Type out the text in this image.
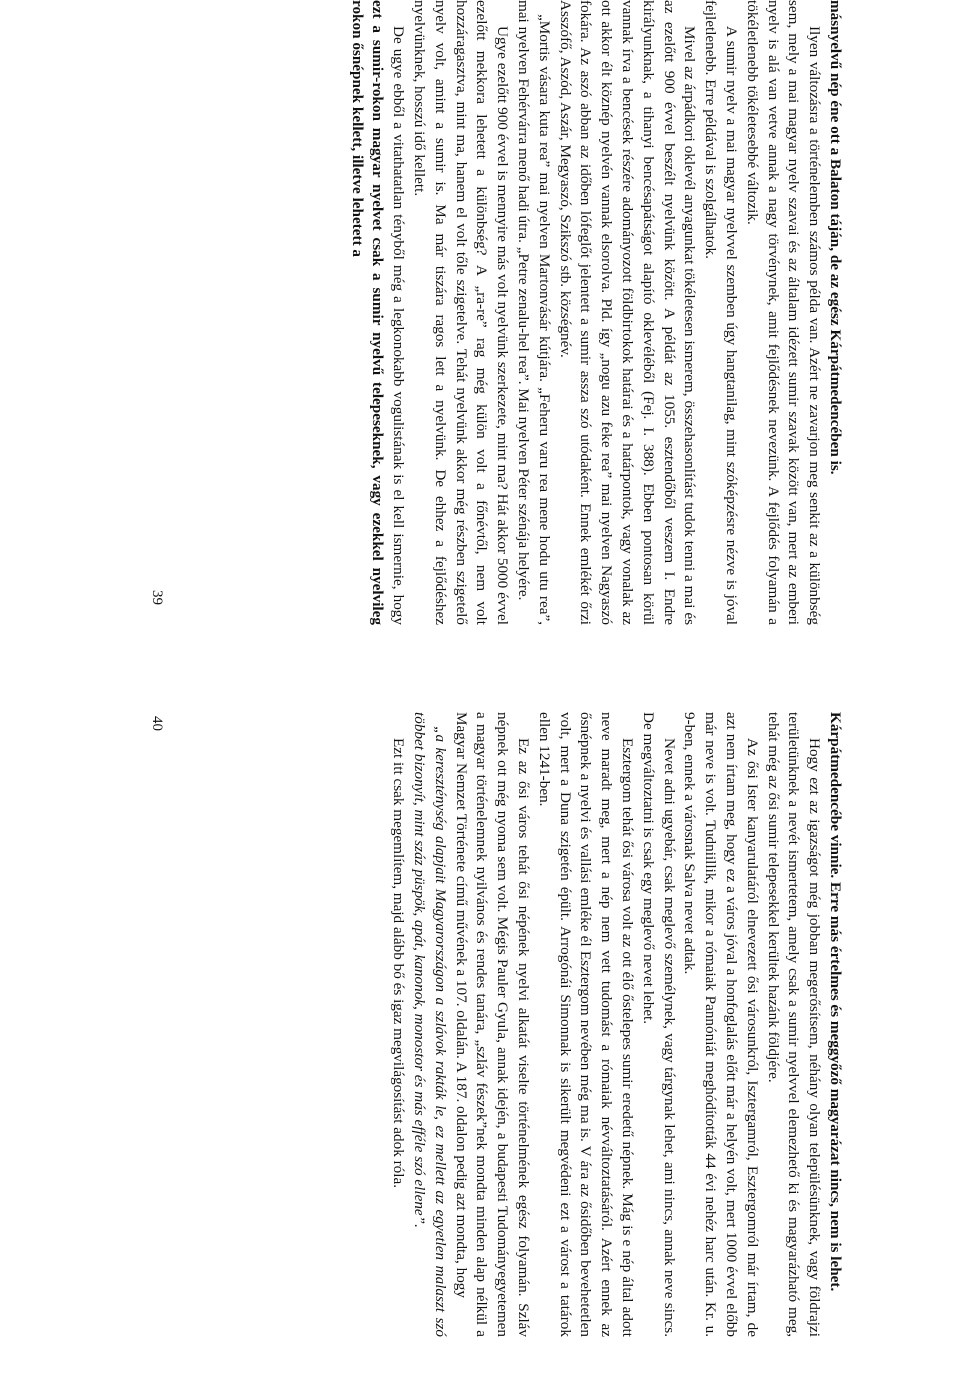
másnyelvű nép éne ott a Balaton táján, de az egész Kárpátmedencében is.

Ilyen változásra a történelemben számos példa van. Azért ne zavarjon meg senkit az a különbség sem, mely a mai magyar nyelv szavai és az általam idézett sumir szavak között van, mert az emberi nyelv is alá van vetve annak a nagy törvénynek, amit fejlődésnek nevezünk. A fejlődés folyamán a tökéletlenebb tökéletesebbé változik.

A sumir nyelv a mai magyar nyelvvel szemben úgy hangtanilag, mint szóképzésre nézve is jóval fejletlenebb. Erre példával is szolgálhatok.

Mivel az árpádkori oklevél anyagunkat tökéletesen ismerem, összehasonlítást tudok tenni a mai és az ezelőtt 900 évvel beszélt nyelvünk között. A példát az 1055. esztendőből veszem I. Endre királyunknak, a tihanyi bencésapátságot alapító oklevéléből (Fej. I. 388). Ebben pontosan körül vannak írva a bencések részére adományozott földbirtokok határai és a határpontok, vagy vonalak az ott akkor élt köznép nyelvén vannak elsorolva. Pld. így „nogu azu feke rea” mai nyelven Nagyaszó fokára. Az aszó abban az időben lófeglőt jelentett a sumir assza szó utódaként. Ennek emlékét őrzi Asszófő, Aszód, Aszár, Megyaszó, Szikszó stb. községnév.

„Mortis vásara kuta rea” mai nyelven Martonvásár kútjára. „Feheru varu rea mene hodu utu rea”, mai nyelven Fehérvárra menő hadi útra. „Petre zenalu-hel rea”. Mai nyelven Péter szénája helyére.

Ugye ezelőtt 900 évvel is mennyire más volt nyelvünk szerkezete, mint ma? Hát akkor 5000 évvel ezelőtt mekkora lehetett a különbség? A „ra-re” rag még külön volt a főnévtől, nem volt hozzáragasztva, mint ma, hanem el volt tőle szigetelve. Tehát nyelvünk akkor még részben szigetelő nyelv volt, amint a sumir is. Ma már tiszára ragos lett a nyelvünk. De ehhez a fejlődéshez nyelvünknek, hosszú idő kellett.

De ugye ebből a vitathatatlan tényből még a legkonokabb vogulistának is el kell ismernie, hogy ezt a sumir-rokon magyar nyelvet csak a sumir nyelvű telepeseknek, vagy ezekkel nyelvileg rokon ősnépnek kellett, illetve lehetett a

39

Kárpátmedencébe vinnie. Erre más értelmes és meggyőző magyarázat nincs, nem is lehet.

Hogy ezt az igazságot még jobban megerősítsem, néhány olyan településünknek, vagy földrajzi területünknek a nevét ismertetem, amely csak a sumir nyelvvel elemezhető ki és magyarázható meg, tehát még az ősi sumir telepesekkel kerültek hazánk földjére.

Az ősi Ister kanyarulatáról elnevezett ősi városunkról, Isztergamról, Esztergomról már írtam, de azt nem írtam meg, hogy ez a város jóval a honfoglalás előtt már a helyén volt, mert 1000 évvel előbb már neve is volt. Tudniillik, mikor a rómaiak Pannóniát meghódították 44 évi nehéz harc után. Kr. u. 9-ben, ennek a városnak Salva nevet adtak.

Nevet adni ugyebár, csak meglevő személynek, vagy tárgynak lehet, ami nincs, annak neve sincs. De megváltoztatni is csak egy meglevő nevet lehet.

Esztergom tehát ősi városa volt az ott élő őstelepes sumir eredetű népnek. Mág is e nép által adott neve maradt meg, mert a nép nem vett tudomást a rómaiak névváltoztatásáról. Azért ennek az ősnépnek a nyelvi és vallási emléke él Esztergom nevében még ma is. V ára az ősidőben bevehetetlen volt, mert a Duna szigetén épült. Arrogónái Simonnak is sikerült megvédeni ezt a várost a tatárok ellen 1241-ben.

Ez az ősi város tehát ősi népének nyelvi alkatát viselte történelmének egész folyamán. Szláv népnek ott még nyoma sem volt. Mégis Pauler Gyula, annak idején, a budapesti Tudományegyetemen a magyar történelemnek nyilvános és rendes tanára, „szláv fészek”nek mondta minden alap nélkül a Magyar Nemzet Története című művének a 107. oldalán. A 187. oldalon pedig azt mondta, hogy

„a kereszténység alapjait Magyarországon a szlávok rakták le, ez mellett az egyetlen malaszt szó többet bizonyít, mint száz püspök, apát, kanonok, monostor és más efféle szó ellene”.

Ezt itt csak megemlítem, majd alább bő és igaz megvilágosítást adok róla.

40
